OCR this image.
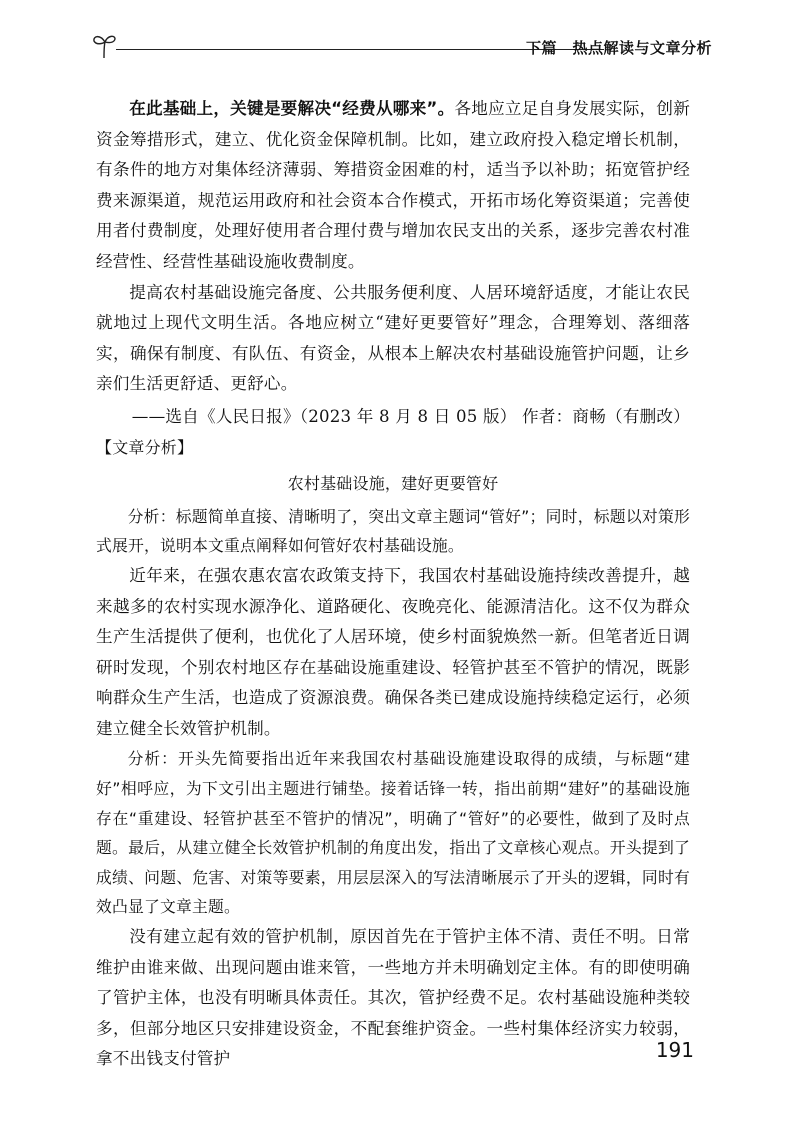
下篇　热点解读与文章分析

在此基础上，关键是要解决“经费从哪来”。各地应立足自身发展实际，创新资金筹措形式，建立、优化资金保障机制。比如，建立政府投入稳定增长机制，有条件的地方对集体经济薄弱、筹措资金困难的村，适当予以补助；拓宽管护经费来源渠道，规范运用政府和社会资本合作模式，开拓市场化筹资渠道；完善使用者付费制度，处理好使用者合理付费与增加农民支出的关系，逐步完善农村准经营性、经营性基础设施收费制度。

提高农村基础设施完备度、公共服务便利度、人居环境舒适度，才能让农民就地过上现代文明生活。各地应树立“建好更要管好”理念，合理筹划、落细落实，确保有制度、有队伍、有资金，从根本上解决农村基础设施管护问题，让乡亲们生活更舒适、更舒心。

——选自《人民日报》（2023 年 8 月 8 日 05 版） 作者：商畅（有删改）

【文章分析】

农村基础设施，建好更要管好

分析：标题简单直接、清晰明了，突出文章主题词“管好”；同时，标题以对策形式展开，说明本文重点阐释如何管好农村基础设施。

近年来，在强农惠农富农政策支持下，我国农村基础设施持续改善提升，越来越多的农村实现水源净化、道路硬化、夜晚亮化、能源清洁化。这不仅为群众生产生活提供了便利，也优化了人居环境，使乡村面貌焕然一新。但笔者近日调研时发现，个别农村地区存在基础设施重建设、轻管护甚至不管护的情况，既影响群众生产生活，也造成了资源浪费。确保各类已建成设施持续稳定运行，必须建立健全长效管护机制。

分析：开头先简要指出近年来我国农村基础设施建设取得的成绩，与标题“建好”相呼应，为下文引出主题进行铺垫。接着话锋一转，指出前期“建好”的基础设施存在“重建设、轻管护甚至不管护的情况”，明确了“管好”的必要性，做到了及时点题。最后，从建立健全长效管护机制的角度出发，指出了文章核心观点。开头提到了成绩、问题、危害、对策等要素，用层层深入的写法清晰展示了开头的逻辑，同时有效凸显了文章主题。

没有建立起有效的管护机制，原因首先在于管护主体不清、责任不明。日常维护由谁来做、出现问题由谁来管，一些地方并未明确划定主体。有的即使明确了管护主体，也没有明晰具体责任。其次，管护经费不足。农村基础设施种类较多，但部分地区只安排建设资金，不配套维护资金。一些村集体经济实力较弱，拿不出钱支付管护	191
